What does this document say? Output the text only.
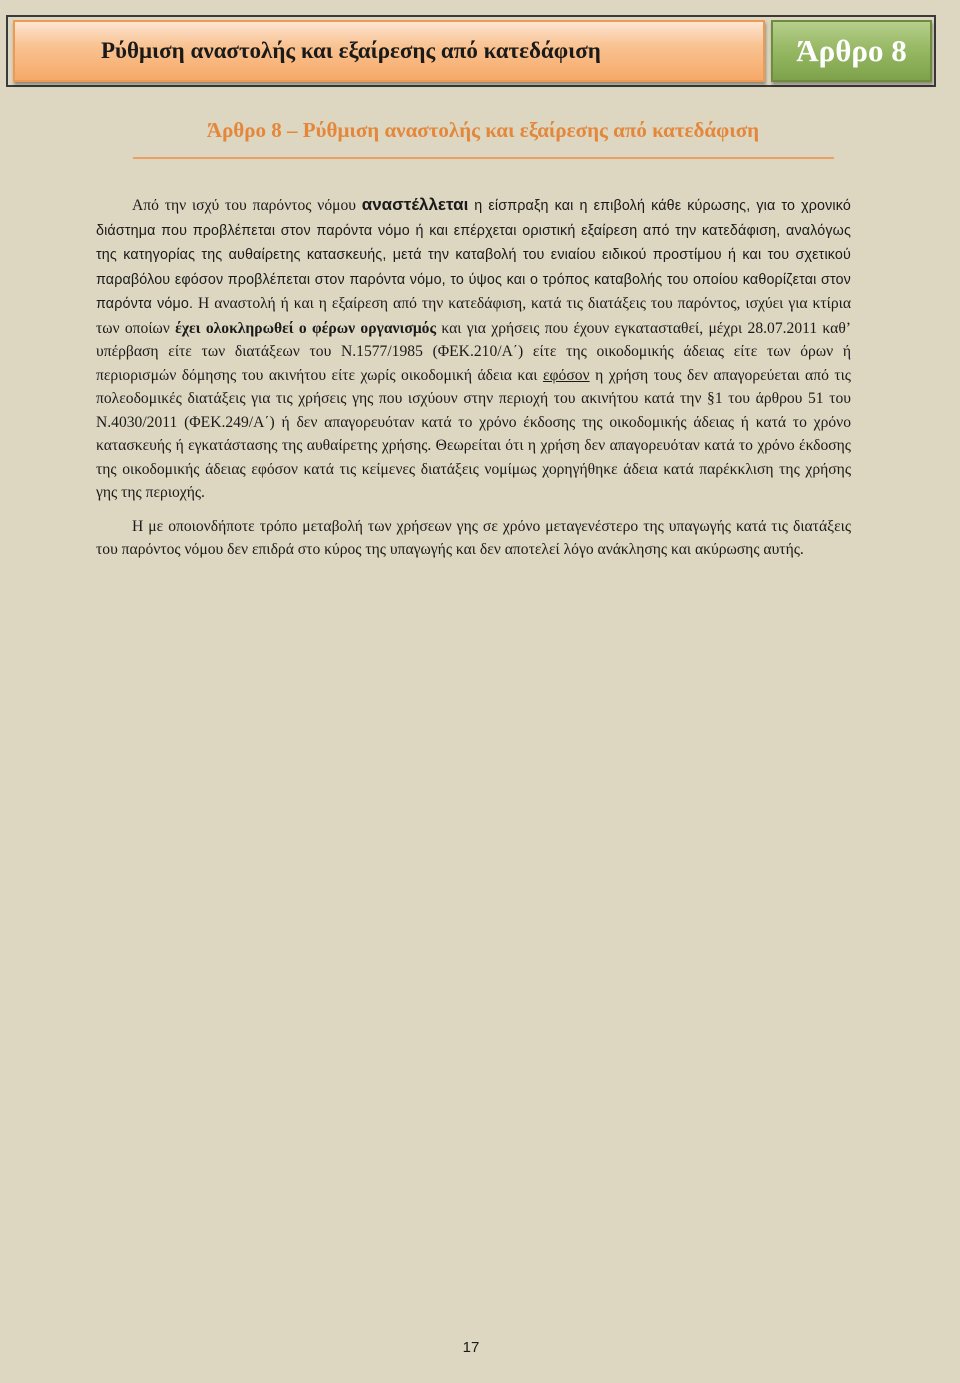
Ρύθμιση αναστολής και εξαίρεσης από κατεδάφιση	Άρθρο 8
Άρθρο 8 – Ρύθμιση αναστολής και εξαίρεσης από κατεδάφιση

Από την ισχύ του παρόντος νόμου αναστέλλεται η είσπραξη και η επιβολή κάθε κύρωσης, για το χρονικό διάστημα που προβλέπεται στον παρόντα νόμο ή και επέρχεται οριστική εξαίρεση από την κατεδάφιση, αναλόγως της κατηγορίας της αυθαίρετης κατασκευής, μετά την καταβολή του ενιαίου ειδικού προστίμου ή και του σχετικού παραβόλου εφόσον προβλέπεται στον παρόντα νόμο, το ύψος και ο τρόπος καταβολής του οποίου καθορίζεται στον παρόντα νόμο. Η αναστολή ή και η εξαίρεση από την κατεδάφιση, κατά τις διατάξεις του παρόντος, ισχύει για κτίρια των οποίων έχει ολοκληρωθεί ο φέρων οργανισμός και για χρήσεις που έχουν εγκατασταθεί, μέχρι 28.07.2011 καθ’ υπέρβαση είτε των διατάξεων του Ν.1577/1985 (ΦΕΚ.210/Α΄) είτε της οικοδομικής άδειας είτε των όρων ή περιορισμών δόμησης του ακινήτου είτε χωρίς οικοδομική άδεια και εφόσον η χρήση τους δεν απαγορεύεται από τις πολεοδομικές διατάξεις για τις χρήσεις γης που ισχύουν στην περιοχή του ακινήτου κατά την §1 του άρθρου 51 του Ν.4030/2011 (ΦΕΚ.249/Α΄) ή δεν απαγορευόταν κατά το χρόνο έκδοσης της οικοδομικής άδειας ή κατά το χρόνο κατασκευής ή εγκατάστασης της αυθαίρετης χρήσης. Θεωρείται ότι η χρήση δεν απαγορευόταν κατά το χρόνο έκδοσης της οικοδομικής άδειας εφόσον κατά τις κείμενες διατάξεις νομίμως χορηγήθηκε άδεια κατά παρέκκλιση της χρήσης γης της περιοχής.

Η με οποιονδήποτε τρόπο μεταβολή των χρήσεων γης σε χρόνο μεταγενέστερο της υπαγωγής κατά τις διατάξεις του παρόντος νόμου δεν επιδρά στο κύρος της υπαγωγής και δεν αποτελεί λόγο ανάκλησης και ακύρωσης αυτής.

17
